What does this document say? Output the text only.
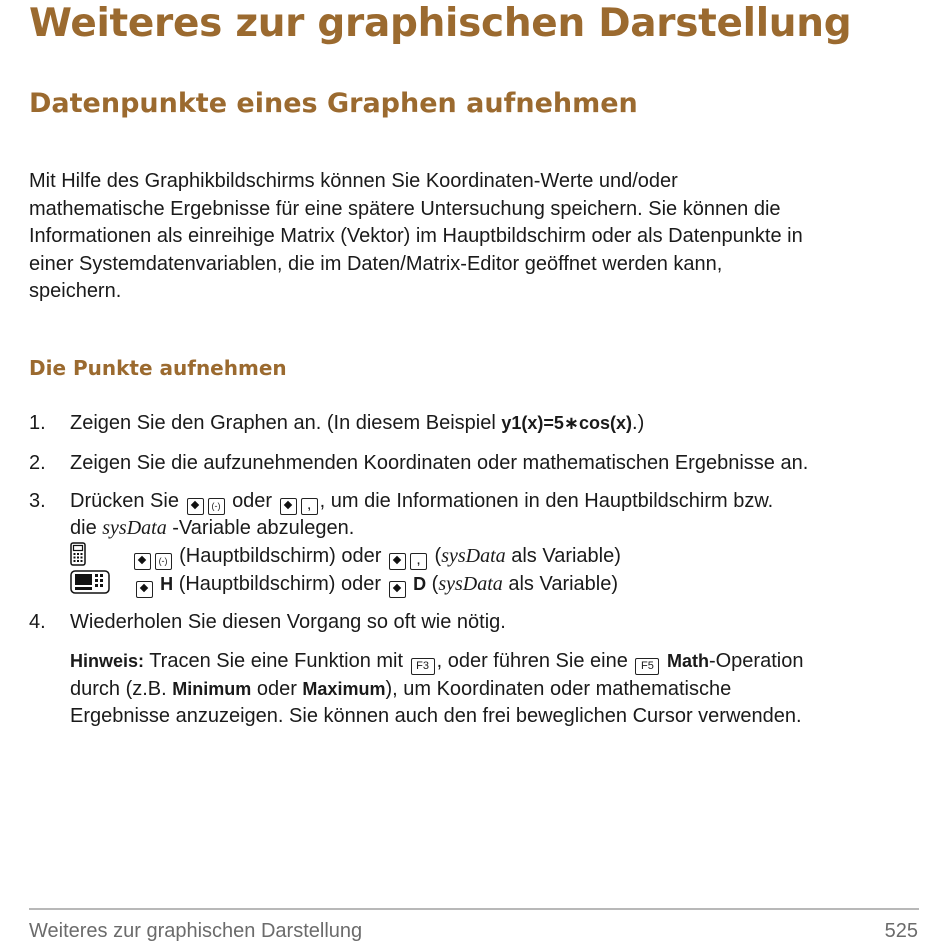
Weiteres zur graphischen Darstellung
Datenpunkte eines Graphen aufnehmen
Mit Hilfe des Graphikbildschirms können Sie Koordinaten-Werte und/oder
mathematische Ergebnisse für eine spätere Untersuchung speichern. Sie können die
Informationen als einreihige Matrix (Vektor) im Hauptbildschirm oder als Datenpunkte in
einer Systemdatenvariablen, die im Daten/Matrix-Editor geöffnet werden kann,
speichern.
Die Punkte aufnehmen
1. Zeigen Sie den Graphen an. (In diesem Beispiel y1(x)=5∗cos(x).)
2. Zeigen Sie die aufzunehmenden Koordinaten oder mathematischen Ergebnisse an.
3. Drücken Sie	(-) oder	, , um die Informationen in den Hauptbildschirm bzw.
die sysData -Variable abzulegen.
(-) (Hauptbildschirm) oder	, (sysData als Variable)
H (Hauptbildschirm) oder D (sysData als Variable)
4. Wiederholen Sie diesen Vorgang so oft wie nötig.
Hinweis: Tracen Sie eine Funktion mit F3 , oder führen Sie eine F5 Math-Operation
durch (z.B. Minimum oder Maximum), um Koordinaten oder mathematische
Ergebnisse anzuzeigen. Sie können auch den frei beweglichen Cursor verwenden.
Weiteres zur graphischen Darstellung	525
